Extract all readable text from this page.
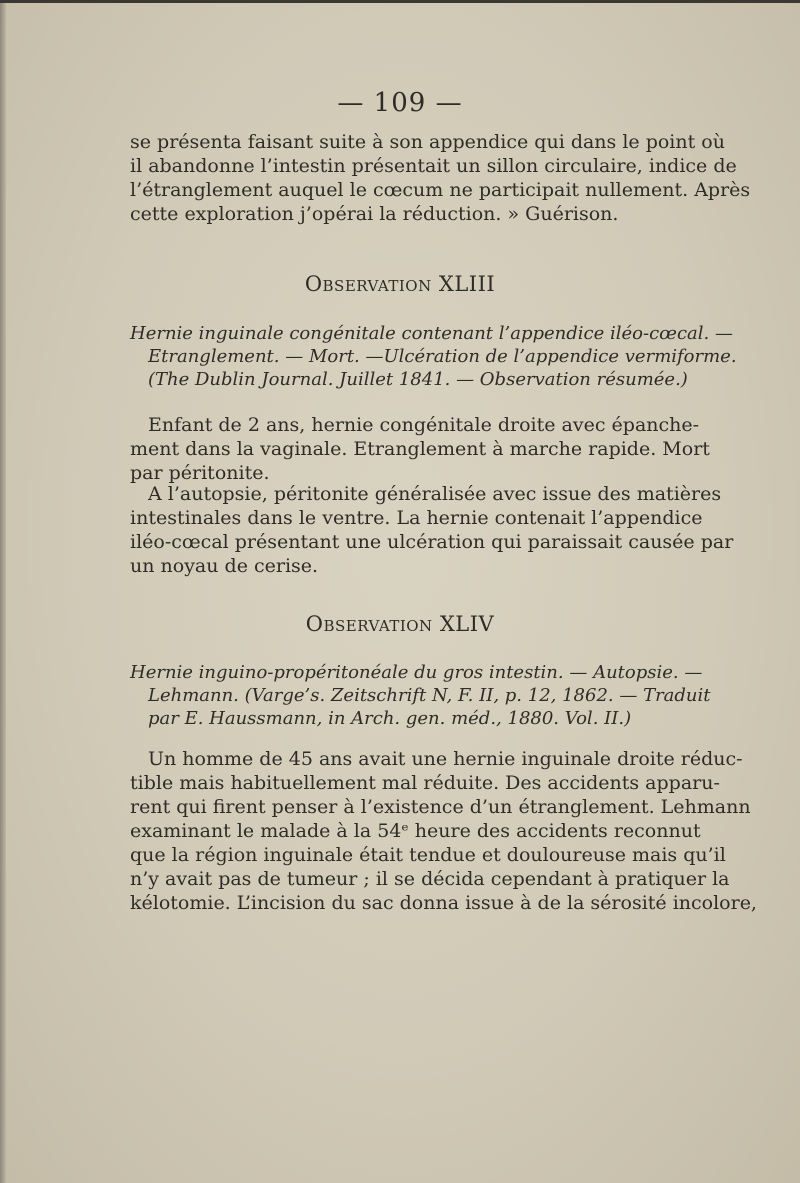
— 109 —
se présenta faisant suite à son appendice qui dans le point où
il abandonne l’intestin présentait un sillon circulaire, indice de
l’étranglement auquel le cœcum ne participait nullement. Après
cette exploration j’opérai la réduction. » Guérison.
Observation XLIII
Hernie inguinale congénitale contenant l’appendice iléo-cœcal. —
Etranglement. — Mort. —Ulcération de l’appendice vermiforme.
(The Dublin Journal. Juillet 1841. — Observation résumée.)
Enfant de 2 ans, hernie congénitale droite avec épanche-
ment dans la vaginale. Etranglement à marche rapide. Mort
par péritonite.
A l’autopsie, péritonite généralisée avec issue des matières
intestinales dans le ventre. La hernie contenait l’appendice
iléo-cœcal présentant une ulcération qui paraissait causée par
un noyau de cerise.
Observation XLIV
Hernie inguino-propéritonéale du gros intestin. — Autopsie. —
Lehmann. (Varge’s. Zeitschrift N, F. II, p. 12, 1862. — Traduit
par E. Haussmann, in Arch. gen. méd., 1880. Vol. II.)
Un homme de 45 ans avait une hernie inguinale droite réduc-
tible mais habituellement mal réduite. Des accidents apparu-
rent qui firent penser à l’existence d’un étranglement. Lehmann
examinant le malade à la 54ᵉ heure des accidents reconnut
que la région inguinale était tendue et douloureuse mais qu’il
n’y avait pas de tumeur ; il se décida cependant à pratiquer la
kélotomie. L’incision du sac donna issue à de la sérosité incolore,
